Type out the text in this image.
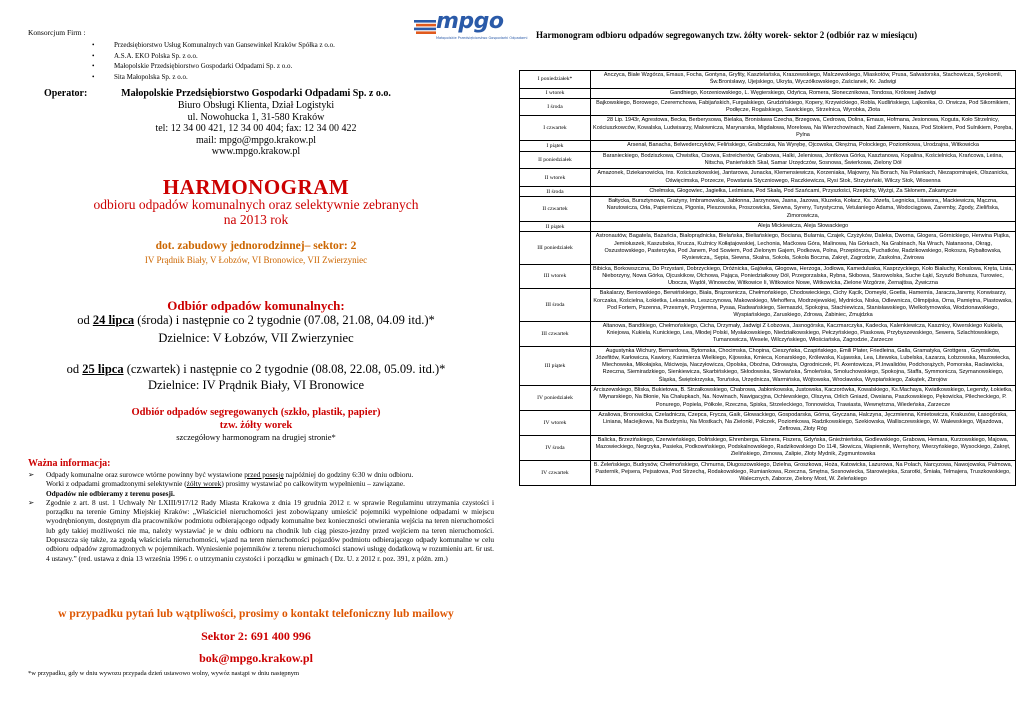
Konsorcjum Firm :
• Przedsiębiorstwo Usług Komunalnych van Gansewinkel Kraków Spółka z o.o.
• A.S.A. EKO Polska Sp. z o.o.
• Małopolskie Przedsiębiorstwo Gospodarki Odpadami Sp. z o.o.
• Sita Małopolska Sp. z o.o.
Operator:	Małopolskie Przedsiębiorstwo Gospodarki Odpadami Sp. z o.o.
Biuro Obsługi Klienta, Dział Logistyki
ul. Nowohucka 1, 31-580 Kraków
tel: 12 34 00 421, 12 34 00 404; fax: 12 34 00 422
mail: mpgo@mpgo.krakow.pl
www.mpgo.krakow.pl
HARMONOGRAM
odbioru odpadów komunalnych oraz selektywnie zebranych
na 2013 rok
dot. zabudowy jednorodzinnej– sektor: 2
IV Prądnik Biały, V Łobzów, VI Bronowice, VII Zwierzyniec
Odbiór odpadów komunalnych:
od 24 lipca (środa) i następnie co 2 tygodnie (07.08, 21.08, 04.09 itd.)*
Dzielnice: V Łobzów, VII Zwierzyniec
od 25 lipca (czwartek) i następnie co 2 tygodnie (08.08, 22.08, 05.09. itd.)*
Dzielnice: IV Prądnik Biały, VI Bronowice
Odbiór odpadów segregowanych (szkło, plastik, papier)
tzw. żółty worek
szczegółowy harmonogram na drugiej stronie*
Ważna informacja:
➢ Odpady komunalne oraz surowce wtórne powinny być wystawione przed posesję najpóźniej do godziny 6:30 w dniu odbioru.
Worki z odpadami gromadzonymi selektywnie (żółty worek) prosimy wystawiać po całkowitym wypełnieniu – zawiązane.
Odpadów nie odbieramy z terenu posesji.
➢ Zgodnie z art. 8 ust. 1 Uchwały Nr LXIII/917/12 Rady Miasta Krakowa z dnia 19 grudnia 2012 r. w sprawie Regulaminu utrzymania czystości i porządku na terenie Gminy Miejskiej Kraków: „Właściciel nieruchomości jest zobowiązany umieścić pojemniki wypełnione odpadami w miejscu wyodrębnionym, dostępnym dla pracowników podmiotu odbierającego odpady komunalne bez konieczności otwierania wejścia na teren nieruchomości lub gdy takiej możliwości nie ma, należy wystawiać je w dniu odbioru na chodnik lub ciąg pieszo-jezdny przed wejściem na teren nieruchomości. Dopuszcza się także, za zgodą właściciela nieruchomości, wjazd na teren nieruchomości pojazdów podmiotu odbierającego odpady komunalne w celu odbioru odpadów zgromadzonych w pojemnikach. Wyniesienie pojemników z terenu nieruchomości stanowi usługę dodatkową w rozumieniu art. 6r ust. 4 ustawy.” (red. ustawa z dnia 13 września 1996 r. o utrzymaniu czystości i porządku w gminach ( Dz. U. z 2012 r. poz. 391, z późn. zm.)
w przypadku pytań lub wątpliwości, prosimy o kontakt telefoniczny lub mailowy
Sektor 2: 691 400 996
bok@mpgo.krakow.pl
*w przypadku, gdy w dniu wywozu przypada dzień ustawowo wolny, wywóz nastąpi w dniu następnym
mpgo
Małopolskie Przedsiębiorstwo Gospodarki Odpadami Harmonogram odbioru odpadów segregowanych tzw. żółty worek- sektor 2 (odbiór raz w miesiącu)
I poniedziałek*	Anczyca, Białe Wzgórza, Emaus, Focha, Gontyna, Gryfity, Kasztelańska, Kraszewskiego, Malczewskiego, Miaskotów, Prusa, Salwatorska, Stachowicza, Syrokomli, Św.Bronisławy, Ujejskiego, Ukryta, Wyczółkowskiego, Zaścianek, Kr. Jadwigi
I wtorek	Gandhiego, Korzeniowskiego, L. Węgierskiego, Odyńca, Romera, Słonecznikowa, Tondosa, Królowej Jadwigi
I środa	Bajkowskiego, Borowego, Czeremchowa, Fabijańskich, Furgalskiego, Grudzińskiego, Kopery, Krzywickiego, Robla, Kudlińskiego, Lajkonika, O. Orwicza, Pod Sikornikiem, Podłęcze, Rogalskiego, Sawickiego, Strzelnica, Wyrobka, Złota
I czwartek	28 Lip. 1943r, Agrestowa, Becka, Berberysowa, Bielaka, Bronisława Czecha, Brzegowa, Cedrowa, Dolina, Emaus, Hofmana, Jesionowa, Koguta, Koło Strzelnicy, Kościuszkowców, Kowalska, Ludwisarzy, Malownicza, Marynarska, Migdałowa, Morelowa, Na Wierzchowinach, Nad Zalewem, Nasza, Pod Stokiem, Pod Sulnikiem, Poręba, Pylna
I piątek	Arsenał, Banacha, Belwederczyków, Felińskiego, Grabczaka, Na Wyrębę, Ojcowska, Okrężna, Polockiego, Poziomkowa, Urodzajna, Witkowicka
II poniedziałek	Baranieckiego, Bodziszkowa, Chwistka, Cisowa, Estreicherów, Grabowa, Halki, Jeleniowa, Jontkowa Górka, Kasztanowa, Kopalina, Kościelnicka, Krańcowa, Leśna, Nitscha, Panieńskich Skał, Samar Urzędczów, Sosnowa, Świerkowa, Zielony Dół
II wtorek	Amazonek, Dziekanowicka, Ins. Kościuszkowskiej, Jantarowa, Junacka, Klemensiewicza, Korzeniaka, Majowny, Na Borach, Na Polankach, Niezapominajek, Olszanicka, Oświęcimska, Porzecze, Powstania Styczniowego, Raczkiewicza, Rysi Stok, Strzyżeński, Wilczy Stok, Wiosenna
II środa	Chełmska, Głogowiec, Jagiełka, Leśmiana, Pod Skałą, Pod Szańcami, Przyszłości, Rzepichy, Wyżgi, Za Skłonem, Zakamycze
II czwartek	Bałtycka, Bursztynowa, Grażyny, Imbramowska, Jabłonna, Jarzynowa, Jasna, Jazowa, Kluzeka, Kołacz, Ks. Józefa, Legnicka, Litawora,, Mackiewicza, Mączna, Narutowicza, Orła, Papiernicza, Pigonia, Pleszowska, Proszowicka, Siewna, Syreny, Turystyczna, Vetulaniego Adama, Wodociągowa, Zaremby, Zgody, Zieliñska, Zimorowicza,
II piątek	Aleja Mickiewicza, Aleja Słowackiego
III poniedziałek	Astronautów, Bagatela, Bażańcia, Białoprądnicka, Bielańska, Bieliańskiego, Bociana, Bularnia, Czajek, Czyżyków, Daleka, Dworna, Glogera, Górnickiego, Herwina Piątka, Jemiołuszek, Kaszubska, Krucza, Kuźnicy Kołłątajowskiej, Lechonia, Maćkowa Góra, Malinowa, Na Górkach, Na Grabinach, Na Wrach, Natansona, Okrąg, Oszustowskiego, Pasterzyka, Pod Janem, Pod Sowiem, Pod Zielonym Gajem, Podkowa, Polna, Przepiórcza, Puchatków, Radzikowskiego, Rokosza, Rybałtowska, Rysiewicza,, Sępia, Siewna, Skalna, Sokola, Sokola Boczna, Zakręt, Zagrodzie, Zaskolna, Żwirowa
III wtorek	Bibicka, Borkowszczna, Do Przystani, Dobrzyckiego, Dróżnicka, Gajówka, Głogowa, Herzoga, Jodłowa, Kameduluska, Kasprzyckiego, Koło Białuchy, Koralowa, Kręta, Lisia, Nieborzyny, Nowa Górka, Ojcuskikow, Olchowa, Pająca, Poniedziałkowy Dół, Przegorzalska, Rybna, Skibowa, Starowolska, Suche Łąki, Szyszki Bohusza, Turowiec, Ubocza, Wądół, Winowców, Witkowice Ii, Witkowice Nowe, Witkowickа, Zielone Wzgórze, Żernajtisa, Żywiczna
III środa	Bakalarzy, Beniowskiego, Berwińskiego, Biała, Brązownicza, Chełmońskiego, Chodowieckiego, Cichy Kącik, Domeyki, Goetla, Hamernia, Jaracza,Jaremy, Konwisarzy, Korczaka, Kościelna, Łokietka, Leksarska, Leszczynowa, Makowskiego, Mehoffera, Modrzejewskiej, Mydnicka, Niska, Odlewnicza, Olimpijska, Orna, Pamiętna, Piastowska, Pod Fortem, Pszenna, Przesmyk, Przyjemna, Pysaa, Radwańskiego, Siemaszki, Spokojna, Stachiewicza, Stanisławskiego, Wielkotyrnowska, Wodzionawskiego, Wyspiańskiego, Zaruskiego, Zdrowa, Żabinieс, Zmujdzka
III czwartek	Altanowa, Bandtkiego, Chełmońskiego, Cicha, Drzymały, Jadwigi Z Łobzowa, Jasnogórska, Kaczmarczyka, Kadecka, Kalenkiewicza, Kasznicy, Kiwerskiego Kukiela, Kniejowa, Kukiela, Kunickiego, Lea, Młodej Polski, Mysłakowskiego, Niedziałkowskiego, Pełczyńskiego, Piaskowa, Przybyszewskiego, Sewera, Szlachtowskiego, Tumanowicza, Wesele, Wilczyńskiego, Włościańska, Zagrodzie, Zarzecze
III piątek	Augustynka Wichury, Bernardowa, Bytomska, Chocimska, Chopina, Cieszyńska, Czapińskiego, Emili Plater, Friedleina, Galla, Gramatyka, Grottgera , Gzymsików, Józefitów, Karłowicza, Kawiory, Kazimierza Wielkiego, Kijowska, Kmieca, Konarskiego, Królewska, Kujawska, Lea, Litewska, Lubelska, Łazarza, Łobzowska, Mazowiecka, Miechowska, Mikołajska, Mściwoja, Naczyłowicza, Opolska, Oboźna, Odrowąża, Ogrodniczek, Pl. Axentowicza, Pl.Inwalidów, Podchorążych, Pomorska, Racławicka, Rzeczna, Siemiradzkiego, Sienkiewicza, Skarbińskiego, Skłodowska, Słowiańska, Śmoleńska, Smoluchowskiego, Spokojna, Staffa, Symmonicza, Szymanowskiego, Śląska, Świętokrzyska, Toruńska, Urzędnicza, Warmińska, Wójtowska, Wrocławska, Wyspiańskiego, Zakątek, Zbrojów
IV poniedziałek	Arciszewskiego, Bliska, Bukietowa, B. Strzałkowskiego, Chabrowa, Jabłonkowska, Justowska, Kaczorówka, Kowalskiego, Ks.Machaya, Kwiatkowskiego, Legendy, Łokietka, Młynarskiego, Na Błonie, Na Chałupkach, Na. Nowinach, Nawigacyjna, Ochlewskiego, Olszyna, Orlich Gniazd, Owsiana, Paszkowskiego, Pękowicka, Pilecheckiego, P. Ponurego, Popiela, Półkole, Rzeczna, Spiska, Strzeleckiego, Tonnowickа, Trawiasta, Wewnętrzna, Wiedeńska, Zarzecze
IV wtorek	Azaliowa, Bronowicka, Czeladnicza, Czepca, Fryczа, Gaik, Głowackiego, Gospodarska, Górna, Gryczana, Halczyna, Jęczmienna, Kmietowicza, Krakusów, Łasogórska, Liniana, Maciejkowa, Na Budzyniu, Na Mostkach, Na Zielonki, Połczek, Poziomkowa, Radzikowskiego, Szekiowska, Wallisczewskiego, W. Walewskiego, Wjazdowa, Zefirowa, Złoty Róg
IV środa	Balicka, Brzezińskiego, Czerwieńskiego, Dolińskiego, Ehrenberga, Elsnera, Fiszera, Gdyńska, Gnieźnieńska, Godlewskiego, Grabowa, Hemara, Kurzowskiego, Majowa, Mazowieckiego, Negrzyka, Pasieka, Podkowińskiego, Podskalnowskiego, Radzikowskiego Do 114l, Słowicza, Wapiennik, Wernyhory, Wierzyńskiego, Wysockiego, Zakręt, Zielińskiego, Zimowa, Zalipie, Złoty Mydnik, Zygmuntowska
IV czwartek	B. Żeleńskiego, Budrysów, Chełmońskiego, Chmurna, Długoszowskiego, Dzielna, Groszkowa, Hoża, Katowicka, Lazurowa, Na Polach, Narcyzowa, Nawojowska, Palmowa, Pasternik, Pejsera, Pejsatowa, Pod Strzechą, Rodakowskiego, Rumiankowa, Rzeczna, Smętna, Sosnowiecka, Starowiejska, Szarotki, Śmiała, Telmajera, Truszkowskiego, Walecznych, Zaborze, Zielony Most, W. Żeleńskiego
